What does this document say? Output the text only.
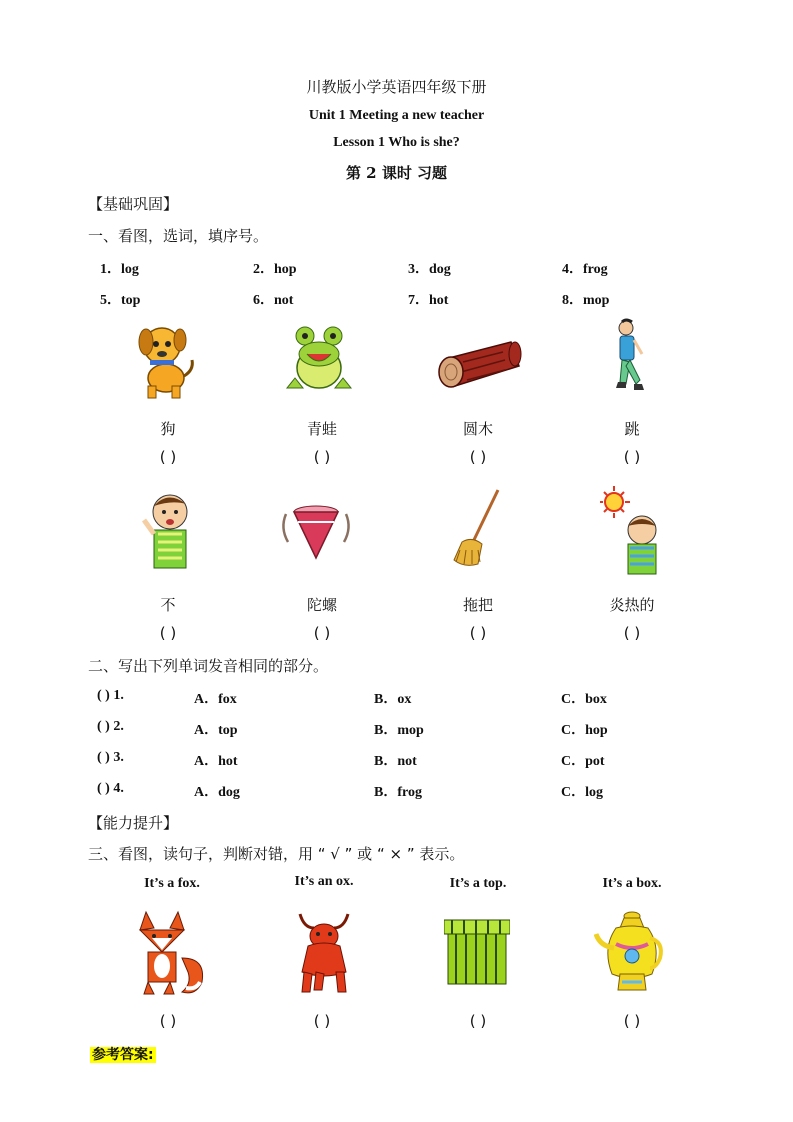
川教版小学英语四年级下册
Unit 1 Meeting a new teacher
Lesson 1 Who is she?
第 2 课时 习题
【基础巩固】
一、看图，选词，填序号。
1．log	2．hop	3．dog	4．frog
5．top	6．not	7．hot	8．mop
狗	青蛙	圆木	跳
( )	( )	( )	( )
不	陀螺	拖把	炎热的
( )	( )	( )	( )
二、写出下列单词发音相同的部分。
( ) 1.	A．fox	B．ox	C．box
( ) 2.	A．top	B．mop	C．hop
( ) 3.	A．hot	B．not	C．pot
( ) 4.	A．dog	B．frog	C．log
【能力提升】
三、看图，读句子，判断对错，用 “ √ ” 或 “ × ” 表示。
It’s a fox.	It’s an ox.	It’s a top.	It’s a box.
( )	( )	( )	( )
参考答案:
